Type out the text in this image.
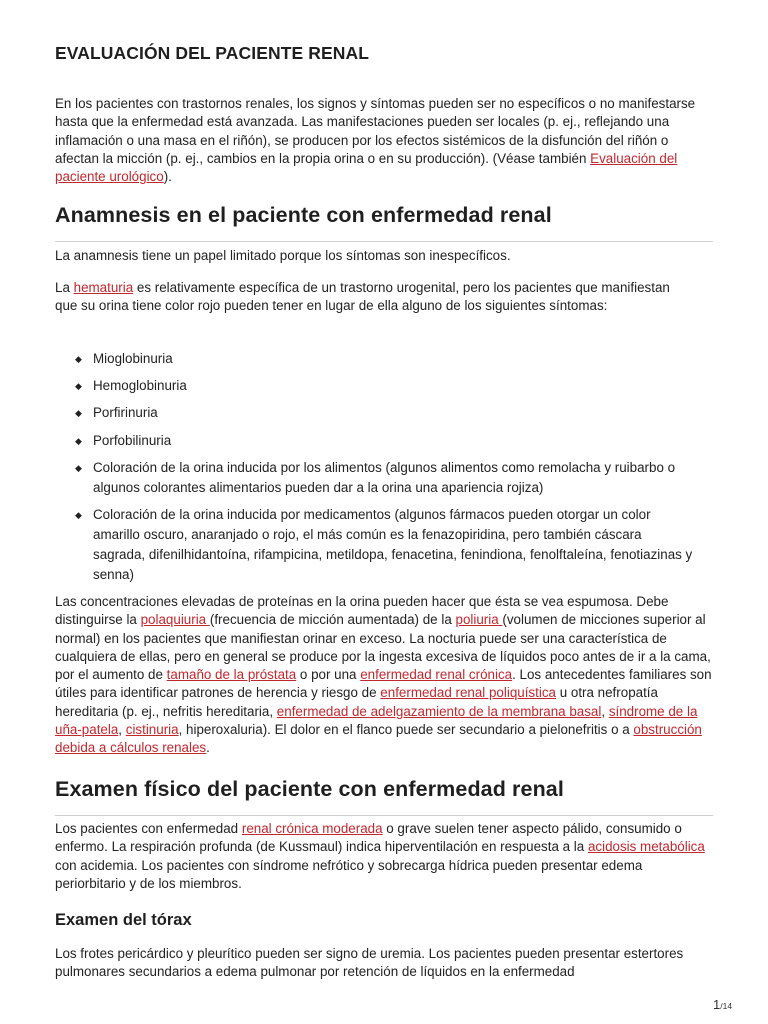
EVALUACIÓN DEL PACIENTE RENAL

En los pacientes con trastornos renales, los signos y síntomas pueden ser no específicos o no manifestarse hasta que la enfermedad está avanzada. Las manifestaciones pueden ser locales (p. ej., reflejando una inflamación o una masa en el riñón), se producen por los efectos sistémicos de la disfunción del riñón o afectan la micción (p. ej., cambios en la propia orina o en su producción). (Véase también Evaluación del paciente urológico).

Anamnesis en el paciente con enfermedad renal

La anamnesis tiene un papel limitado porque los síntomas son inespecíficos.

La hematuria es relativamente específica de un trastorno urogenital, pero los pacientes que manifiestan que su orina tiene color rojo pueden tener en lugar de ella alguno de los siguientes síntomas:

◆ Mioglobinuria
◆ Hemoglobinuria
◆ Porfirinuria
◆ Porfobilinuria
◆ Coloración de la orina inducida por los alimentos (algunos alimentos como remolacha y ruibarbo o algunos colorantes alimentarios pueden dar a la orina una apariencia rojiza)
◆ Coloración de la orina inducida por medicamentos (algunos fármacos pueden otorgar un color amarillo oscuro, anaranjado o rojo, el más común es la fenazopiridina, pero también cáscara sagrada, difenilhidantoína, rifampicina, metildopa, fenacetina, fenindiona, fenolftaleína, fenotiazinas y senna)

Las concentraciones elevadas de proteínas en la orina pueden hacer que ésta se vea espumosa. Debe distinguirse la polaquiuria (frecuencia de micción aumentada) de la poliuria (volumen de micciones superior al normal) en los pacientes que manifiestan orinar en exceso. La nocturia puede ser una característica de cualquiera de ellas, pero en general se produce por la ingesta excesiva de líquidos poco antes de ir a la cama, por el aumento de tamaño de la próstata o por una enfermedad renal crónica. Los antecedentes familiares son útiles para identificar patrones de herencia y riesgo de enfermedad renal poliquística u otra nefropatía hereditaria (p. ej., nefritis hereditaria, enfermedad de adelgazamiento de la membrana basal, síndrome de la uña-patela, cistinuria, hiperoxaluria). El dolor en el flanco puede ser secundario a pielonefritis o a obstrucción debida a cálculos renales.

Examen físico del paciente con enfermedad renal

Los pacientes con enfermedad renal crónica moderada o grave suelen tener aspecto pálido, consumido o enfermo. La respiración profunda (de Kussmaul) indica hiperventilación en respuesta a la acidosis metabólica con acidemia. Los pacientes con síndrome nefrótico y sobrecarga hídrica pueden presentar edema periorbitario y de los miembros.

Examen del tórax

Los frotes pericárdico y pleurítico pueden ser signo de uremia. Los pacientes pueden presentar estertores pulmonares secundarios a edema pulmonar por retención de líquidos en la enfermedad

1/14
